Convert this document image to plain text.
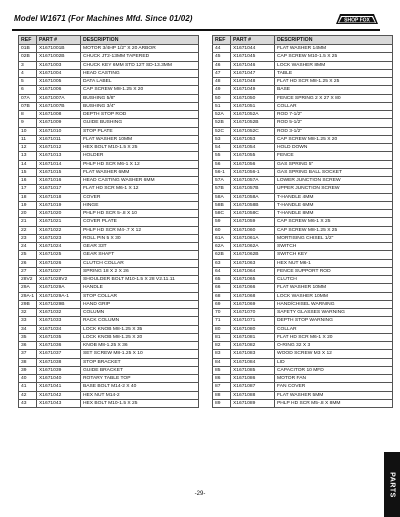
Model W1671 (For Machines Mfd. Since 01/02)	SHOP FOX
REF	PART #	DESCRIPTION
01B	X1671001B	MOTOR 3/4HP 1/2" X 20 ARBOR
02B	X1671002B	CHUCK JT2-13MM TAPERED
3	X1671003	CHUCK KEY 6MM STD 12T SD-13.3MM
4	X1671004	HEAD CASTING
5	X1671005	DATA LABEL
6	X1671006	CAP SCREW M8-1.25 X 20
07A	X1671007A	BUSHING 5/8"
07B	X1671007B	BUSHING 3/4"
8	X1671008	DEPTH STOP ROD
9	X1671009	GUIDE BUSHING
10	X1671010	STOP PLATE
11	X1671011	FLAT WASHER 10MM
12	X1671012	HEX BOLT M10-1.5 X 25
13	X1671013	HOLDER
14	X1671014	PHLP HD SCR M6-1 X 12
15	X1671015	FLAT WASHER 6MM
16	X1671016	HEAD CASTING WASHER 6MM
17	X1671017	FLAT HD SCR M6-1 X 12
18	X1671018	COVER
19	X1671019	HINGE
20	X1671020	PHLP HD SCR 5-.8 X 10
21	X1671021	COVER PLATE
22	X1671022	PHLP HD SCR M4-.7 X 12
23	X1671023	ROLL PIN 5 X 30
24	X1671024	GEAR 33T
25	X1671025	GEAR SHAFT
26	X1671026	CLUTCH COLLAR
27	X1671027	SPRING 18 X 2 X 26
28V2	X1671028V2	SHOULDER BOLT M10-1.5 X 28 V2.11.11
29A	X1671029A	HANDLE
29A-1	X1671029A-1	STOP COLLAR
29B	X1671029B	HAND GRIP
32	X1671032	COLUMN
33	X1671033	RACK COLUMN
34	X1671034	LOCK KNOB M8-1.25 X 35
35	X1671035	LOCK KNOB M8-1.25 X 20
36	X1671036	KNOB M8-1.25 X 36
37	X1671037	SET SCREW M8-1.25 X 10
38	X1671038	STOP BRACKET
39	X1671039	GUIDE BRACKET
40	X1671040	ROTARY TABLE TOP
41	X1671041	BASE BOLT M14-2 X 40
42	X1671042	HEX NUT M14-2
43	X1671043	HEX BOLT M10-1.5 X 25
REF	PART #	DESCRIPTION
44	X1671044	FLAT WASHER 14MM
45	X1671045	CAP SCREW M10-1.5 X 25
46	X1671046	LOCK WASHER 8MM
47	X1671047	TABLE
48	X1671048	FLAT HD SCR M8-1.25 X 25
49	X1671049	BASE
50	X1671050	FENCE SPRING 2 X 27 X 80
51	X1671051	COLLAR
52A	X1671052A	ROD 7-1/2"
52B	X1671052B	ROD 5-1/2"
52C	X1671052C	ROD 3-1/2"
53	X1671053	CAP SCREW M8-1.25 X 20
54	X1671054	HOLD DOWN
55	X1671055	FENCE
56	X1671056	GAS SPRING 5"
56-1	X1671056-1	GAS SPRING BALL SOCKET
57A	X1671057A	LOWER JUNCTION SCREW
57B	X1671057B	UPPER JUNCTION SCREW
58A	X1671058A	T-HANDLE 4MM
58B	X1671058B	T-HANDLE 6MM
58C	X1671058C	T-HANDLE 8MM
59	X1671059	CAP SCREW M6-1 X 25
60	X1671060	CAP SCREW M8-1.25 X 25
61A	X1671061A	MORTISING CHISEL 1/2"
62A	X1671062A	SWITCH
62B	X1671062B	SWITCH KEY
63	X1671063	HEX NUT M6-1
64	X1671064	FENCE SUPPORT ROD
65	X1671065	CLUTCH
66	X1671066	FLAT WASHER 10MM
68	X1671068	LOCK WASHER 10MM
69	X1671069	HAND/CHISEL WARNING
70	X1671070	SAFETY GLASSES WARNING
71	X1671071	DEPTH STOP WARNING
80	X1671080	COLLAR
81	X1671081	FLAT HD SCR M6-1 X 20
82	X1671082	O-RING 32 X 3
83	X1671083	WOOD SCREW M3 X 12
84	X1671084	LID
85	X1671085	CAPACITOR 10 MFD
86	X1671086	MOTOR FAN
87	X1671087	FAN COVER
88	X1671088	FLAT WASHER 5MM
89	X1671089	PHLP HD SCR M5-.8 X 8MM
-29-	PARTS
